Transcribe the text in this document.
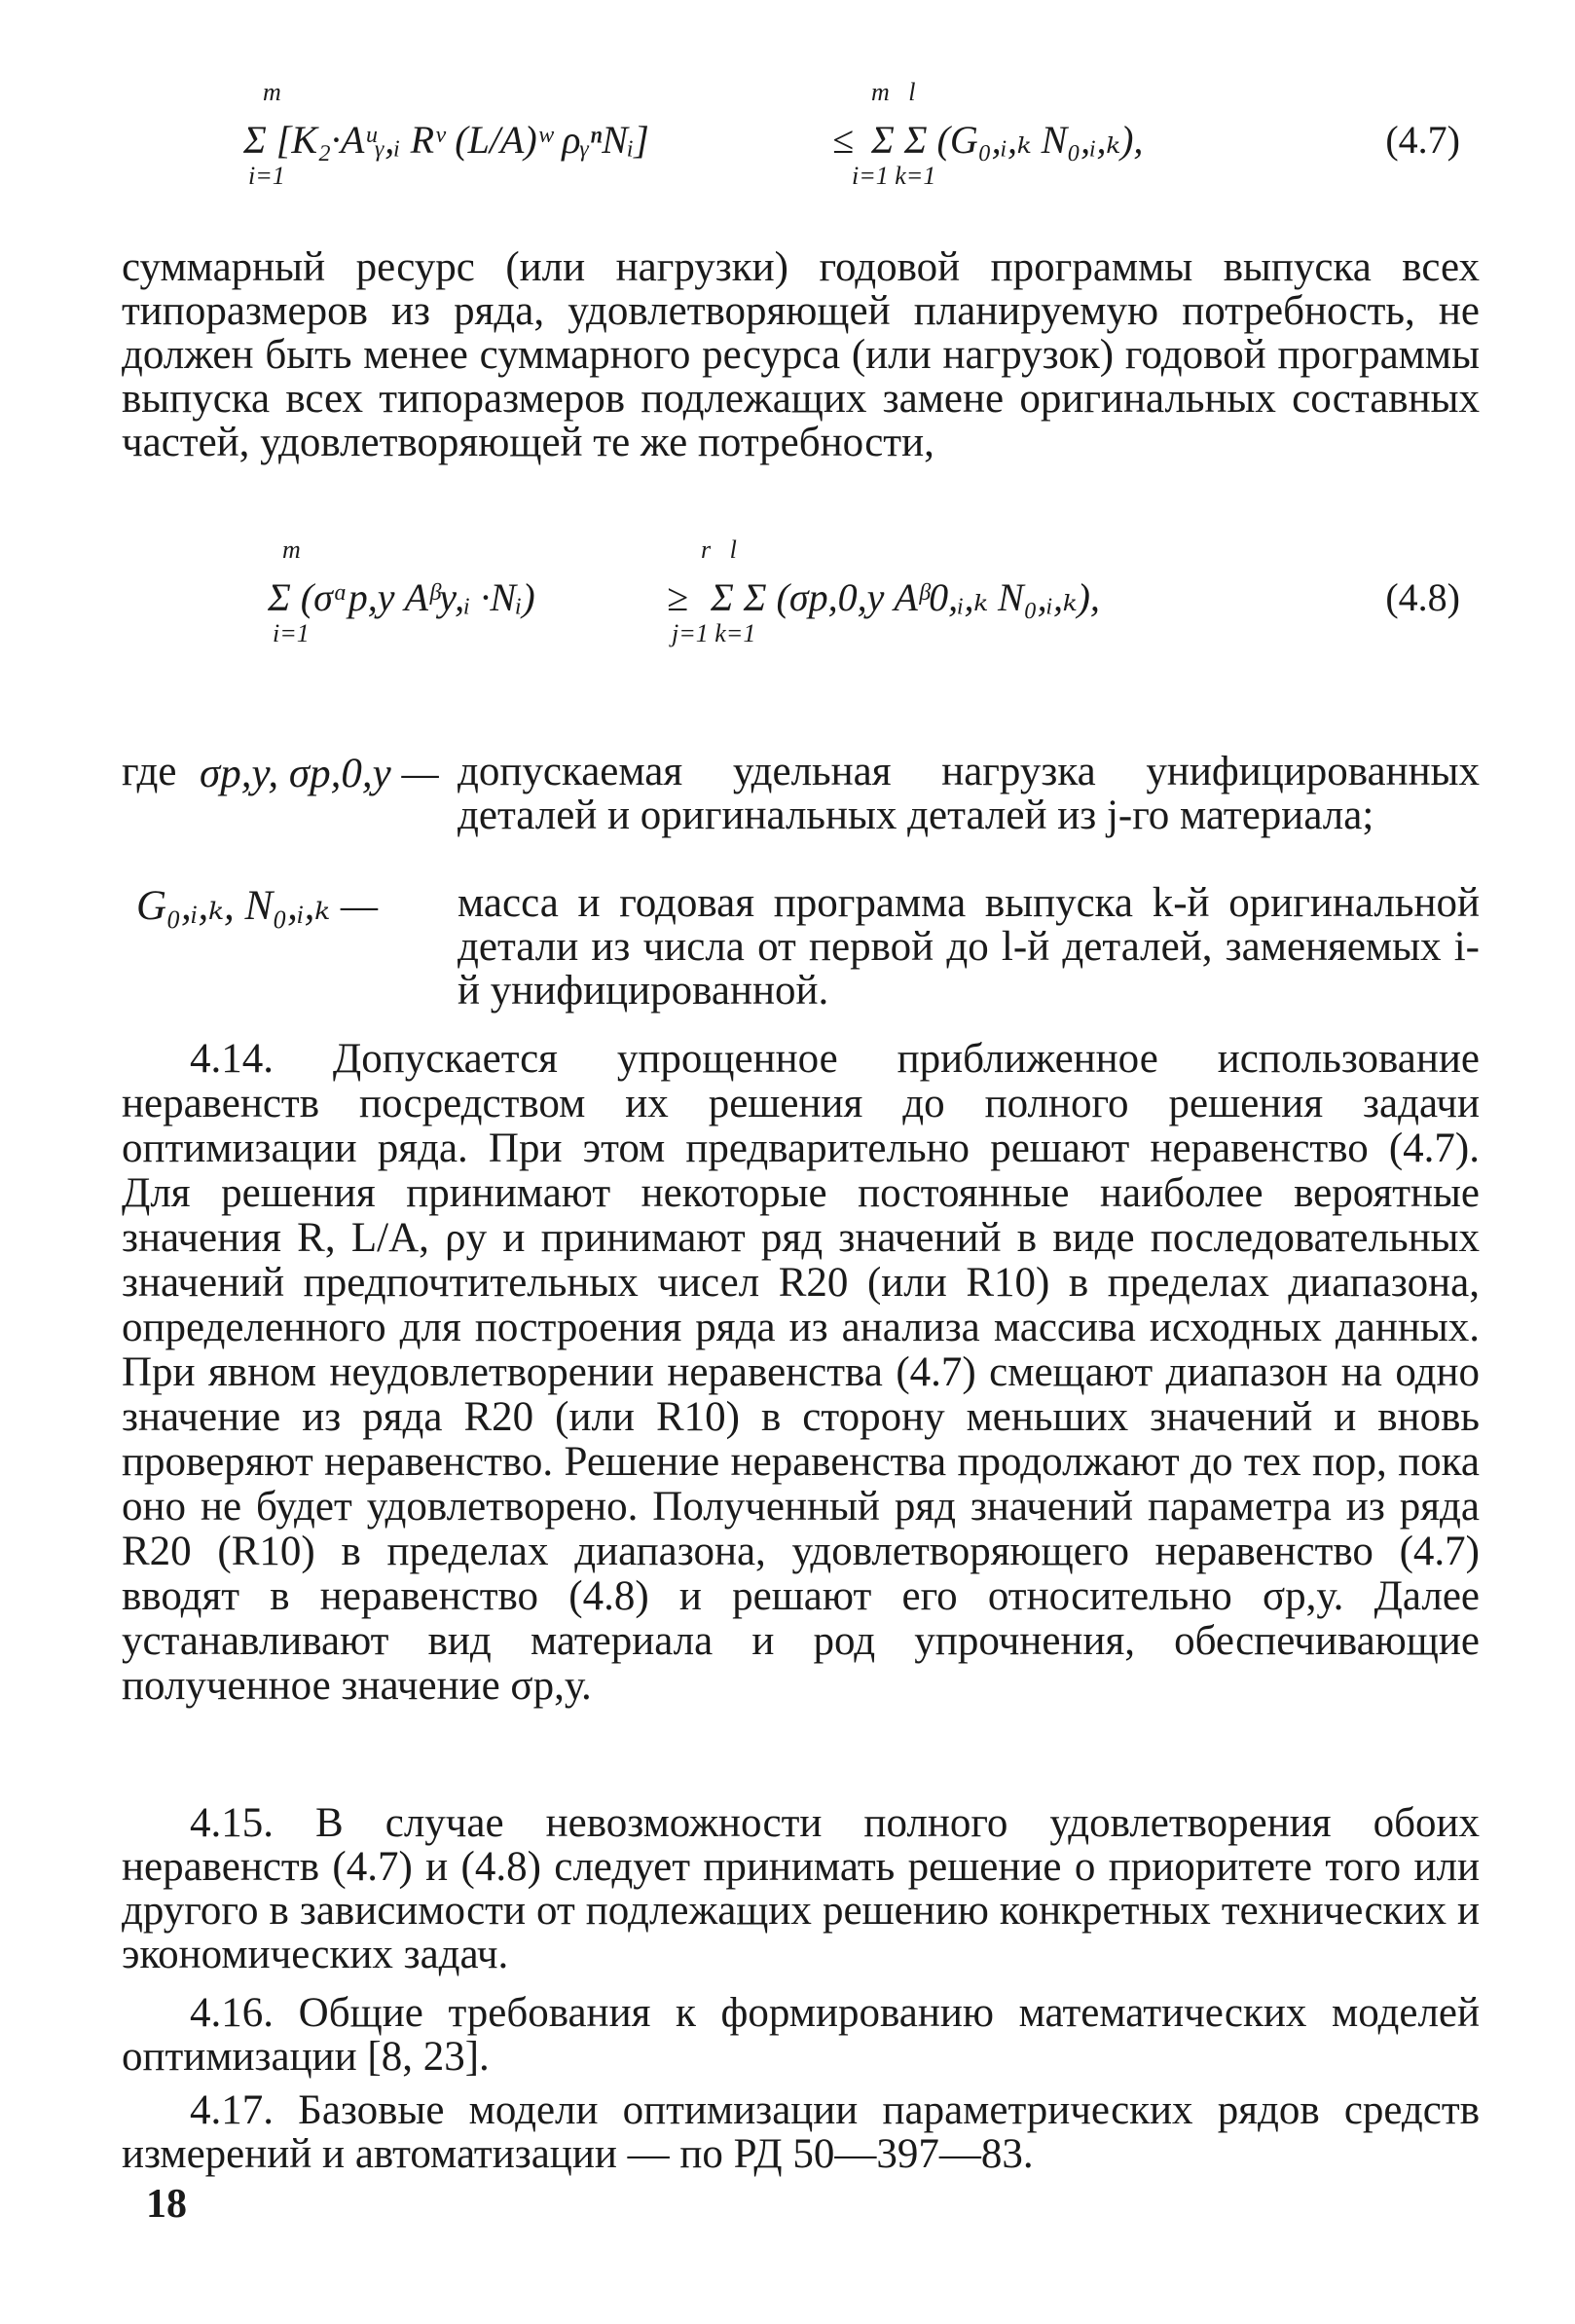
m
i=1
Σ [K₂·Aᵘᵧ,ᵢ Rᵛ (L/A)ʷ ρᵧⁿNᵢ]	≤
m   l
i=1 k=1
Σ Σ (G₀,ᵢ,ₖ N₀,ᵢ,ₖ),	(4.7)
суммарный ресурс (или нагрузки) годовой программы выпуска всех типоразмеров из ряда, удовлетворяющей планируемую потребность, не должен быть менее суммарного ресурса (или нагрузок) годовой программы выпуска всех типоразмеров подлежащих замене оригинальных составных частей, удовлетворяющей те же потребности,
m
i=1
Σ (σᵅp,у Aᵝу,ᵢ ·Nᵢ)	≥
r   l
j=1 k=1
Σ Σ (σp,0,у Aᵝ0,ᵢ,ₖ N₀,ᵢ,ₖ),	(4.8)
где σp,у, σp,0,у — допускаемая удельная нагрузка унифицированных деталей и оригинальных деталей из j-го материала;
G₀,ᵢ,ₖ, N₀,ᵢ,ₖ — масса и годовая программа выпуска k-й оригинальной детали из числа от первой до l-й деталей, заменяемых i-й унифицированной.
4.14. Допускается упрощенное приближенное использование неравенств посредством их решения до полного решения задачи оптимизации ряда. При этом предварительно решают неравенство (4.7). Для решения принимают некоторые постоянные наиболее вероятные значения R, L/A, ρу и принимают ряд значений в виде последовательных значений предпочтительных чисел R20 (или R10) в пределах диапазона, определенного для построения ряда из анализа массива исходных данных. При явном неудовлетворении неравенства (4.7) смещают диапазон на одно значение из ряда R20 (или R10) в сторону меньших значений и вновь проверяют неравенство. Решение неравенства продолжают до тех пор, пока оно не будет удовлетворено. Полученный ряд значений параметра из ряда R20 (R10) в пределах диапазона, удовлетворяющего неравенство (4.7) вводят в неравенство (4.8) и решают его относительно σp,у. Далее устанавливают вид материала и род упрочнения, обеспечивающие полученное значение σp,у.
4.15. В случае невозможности полного удовлетворения обоих неравенств (4.7) и (4.8) следует принимать решение о приоритете того или другого в зависимости от подлежащих решению конкретных технических и экономических задач.
4.16. Общие требования к формированию математических моделей оптимизации [8, 23].
4.17. Базовые модели оптимизации параметрических рядов средств измерений и автоматизации — по РД 50—397—83.
18
